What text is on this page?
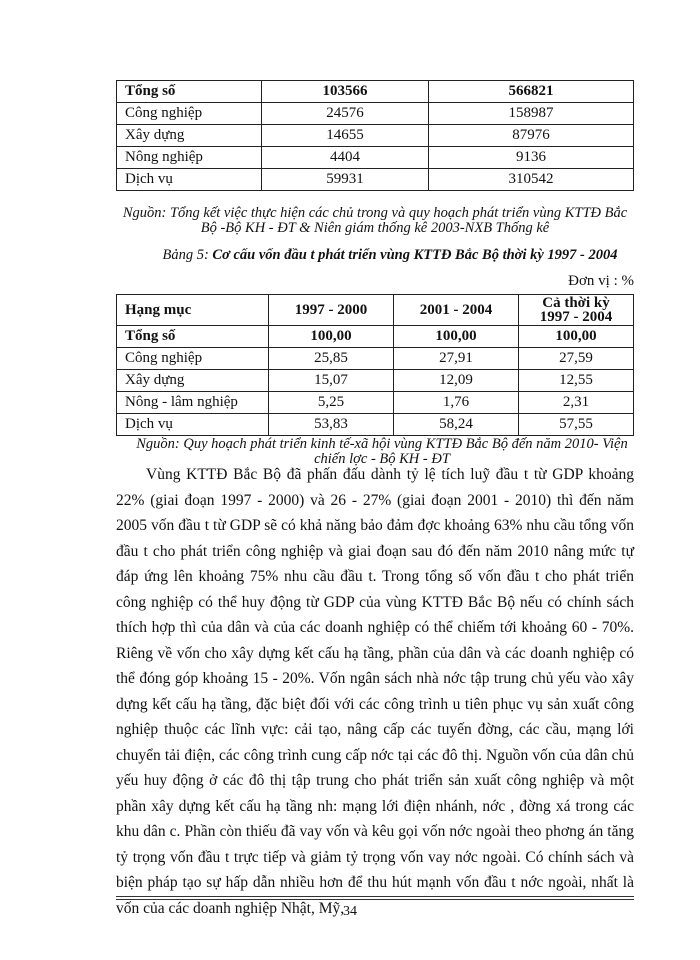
Tổng số	103566	566821
Công nghiệp	24576	158987
Xây dựng	14655	87976
Nông nghiệp	4404	9136
Dịch vụ	59931	310542
Nguồn: Tổng kết việc thực hiện các chủ trong và quy hoạch phát triển vùng KTTĐ Bắc Bộ -Bộ KH - ĐT & Niên giám thống kê 2003-NXB Thống kê
Bảng 5: Cơ cấu vốn đầu t phát triển vùng KTTĐ Bắc Bộ thời kỳ 1997 - 2004
Đơn vị : %
Hạng mục	1997 - 2000	2001 - 2004	Cả thời kỳ 1997 - 2004
Tổng số	100,00	100,00	100,00
Công nghiệp	25,85	27,91	27,59
Xây dựng	15,07	12,09	12,55
Nông - lâm nghiệp	5,25	1,76	2,31
Dịch vụ	53,83	58,24	57,55
Nguồn: Quy hoạch phát triển kinh tế-xã hội vùng KTTĐ Bắc Bộ đến năm 2010- Viện chiến lợc - Bộ KH - ĐT

Vùng KTTĐ Bắc Bộ đã phấn đấu dành tỷ lệ tích luỹ đầu t từ GDP khoảng 22% (giai đoạn 1997 - 2000) và 26 - 27% (giai đoạn 2001 - 2010) thì đến năm 2005 vốn đầu t từ GDP sẽ có khả năng bảo đảm đợc khoảng 63% nhu cầu tổng vốn đầu t cho phát triển công nghiệp và giai đoạn sau đó đến năm 2010 nâng mức tự đáp ứng lên khoảng 75% nhu cầu đầu t. Trong tổng số vốn đầu t cho phát triển công nghiệp có thể huy động từ GDP của vùng KTTĐ Bắc Bộ nếu có chính sách thích hợp thì của dân và của các doanh nghiệp có thể chiếm tới khoảng 60 - 70%. Riêng về vốn cho xây dựng kết cấu hạ tầng, phần của dân và các doanh nghiệp có thể đóng góp khoảng 15 - 20%. Vốn ngân sách nhà nớc tập trung chủ yếu vào xây dựng kết cấu hạ tầng, đặc biệt đối với các công trình u tiên phục vụ sản xuất công nghiệp thuộc các lĩnh vực: cải tạo, nâng cấp các tuyến đờng, các cầu, mạng lới chuyển tải điện, các công trình cung cấp nớc tại các đô thị. Nguồn vốn của dân chủ yếu huy động ở các đô thị tập trung cho phát triển sản xuất công nghiệp và một phần xây dựng kết cấu hạ tầng nh: mạng lới điện nhánh, nớc , đờng xá trong các khu dân c. Phần còn thiếu đã vay vốn và kêu gọi vốn nớc ngoài theo phơng án tăng tỷ trọng vốn đầu t trực tiếp và giảm tỷ trọng vốn vay nớc ngoài. Có chính sách và biện pháp tạo sự hấp dẫn nhiều hơn để thu hút mạnh vốn đầu t nớc ngoài, nhất là vốn của các doanh nghiệp Nhật, Mỹ,

34
